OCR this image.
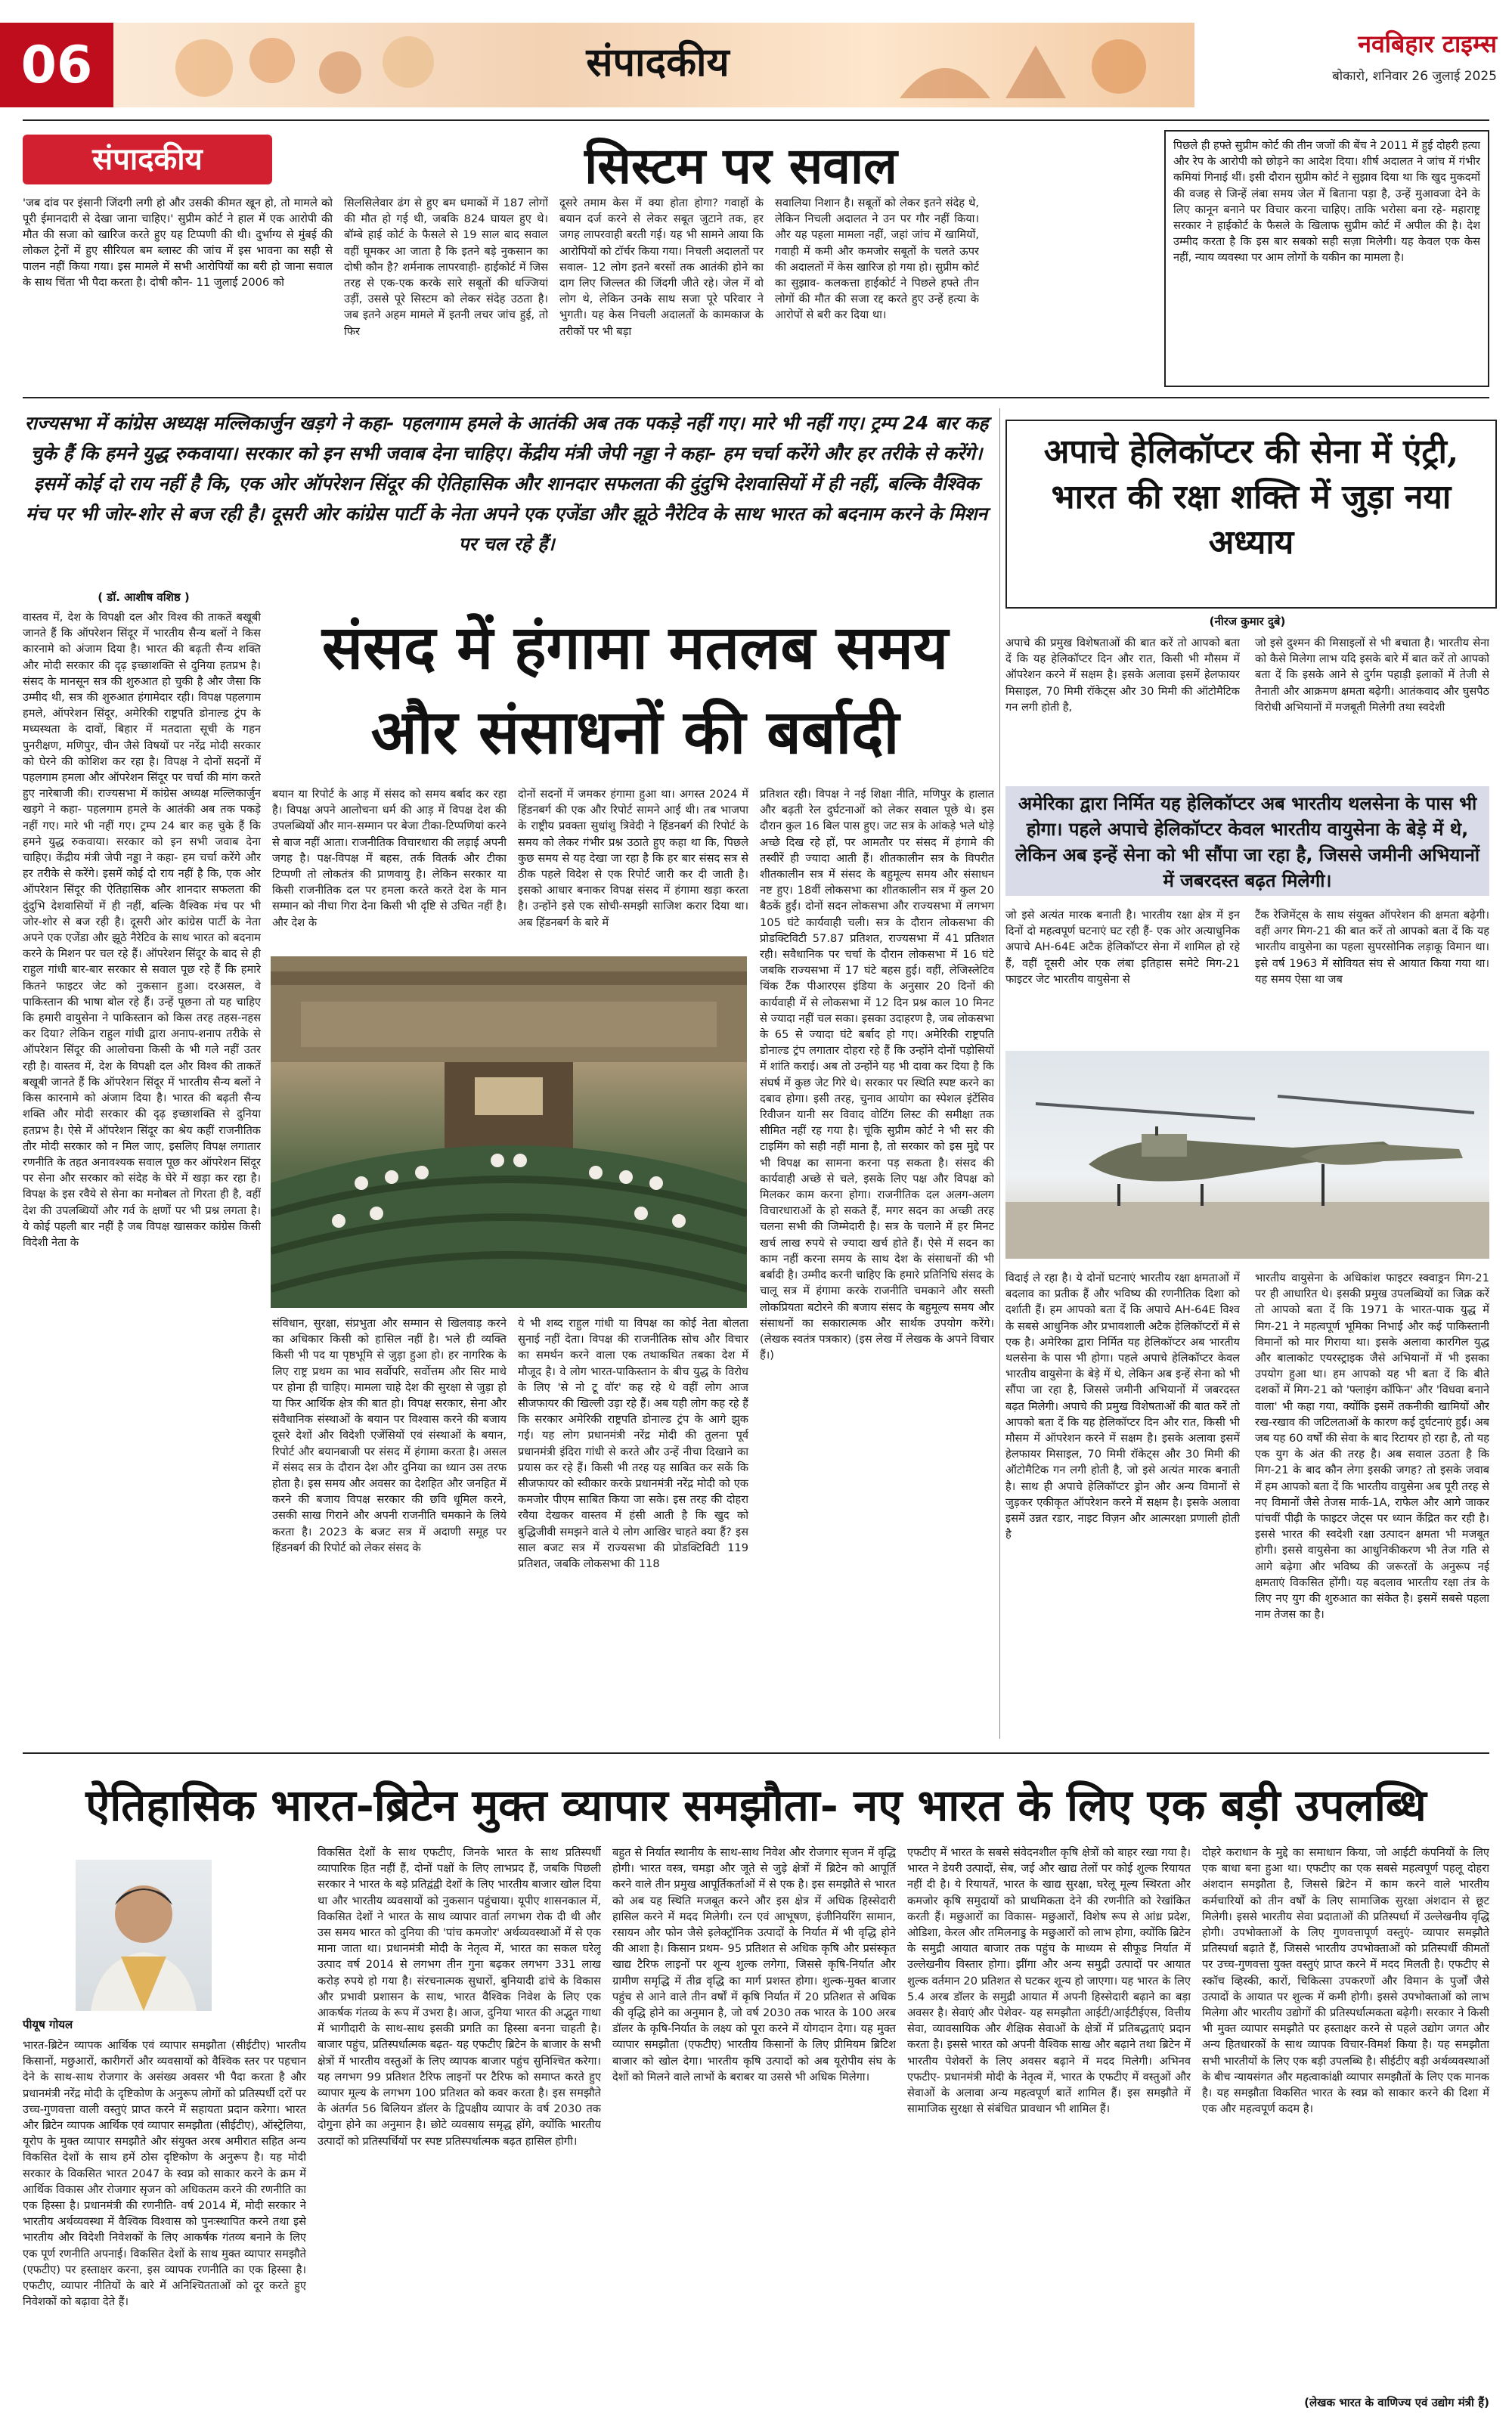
06	संपादकीय	नवबिहार टाइम्स
बोकारो, शनिवार 26 जुलाई 2025
संपादकीय	सिस्टम पर सवाल
'जब दांव पर इंसानी जिंदगी लगी हो और उसकी कीमत खून हो, तो मामले को पूरी ईमानदारी से देखा जाना चाहिए।' सुप्रीम कोर्ट ने हाल में एक आरोपी की मौत की सजा को खारिज करते हुए यह टिप्पणी की थी। दुर्भाग्य से मुंबई की लोकल ट्रेनों में हुए सीरियल बम ब्लास्ट की जांच में इस भावना का सही से पालन नहीं किया गया। इस मामले में सभी आरोपियों का बरी हो जाना सवाल के साथ चिंता भी पैदा करता है। दोषी कौन- 11 जुलाई 2006 को
सिलसिलेवार ढंग से हुए बम धमाकों में 187 लोगों की मौत हो गई थी, जबकि 824 घायल हुए थे। बॉम्बे हाई कोर्ट के फैसले से 19 साल बाद सवाल वहीं घूमकर आ जाता है कि इतने बड़े नुकसान का दोषी कौन है? शर्मनाक लापरवाही- हाईकोर्ट में जिस तरह से एक-एक करके सारे सबूतों की धज्जियां उड़ीं, उससे पूरे सिस्टम को लेकर संदेह उठता है। जब इतने अहम मामले में इतनी लचर जांच हुई, तो फिर
दूसरे तमाम केस में क्या होता होगा? गवाहों के बयान दर्ज करने से लेकर सबूत जुटाने तक, हर जगह लापरवाही बरती गई। यह भी सामने आया कि आरोपियों को टॉर्चर किया गया। निचली अदालतों पर सवाल- 12 लोग इतने बरसों तक आतंकी होने का दाग लिए जिल्लत की जिंदगी जीते रहे। जेल में वो लोग थे, लेकिन उनके साथ सजा पूरे परिवार ने भुगती। यह केस निचली अदालतों के कामकाज के तरीकों पर भी बड़ा
सवालिया निशान है। सबूतों को लेकर इतने संदेह थे, लेकिन निचली अदालत ने उन पर गौर नहीं किया। और यह पहला मामला नहीं, जहां जांच में खामियों, गवाही में कमी और कमजोर सबूतों के चलते ऊपर की अदालतों में केस खारिज हो गया हो। सुप्रीम कोर्ट का सुझाव- कलकत्ता हाईकोर्ट ने पिछले हफ्ते तीन लोगों की मौत की सजा रद्द करते हुए उन्हें हत्या के आरोपों से बरी कर दिया था।
पिछले ही हफ्ते सुप्रीम कोर्ट की तीन जजों की बेंच ने 2011 में हुई दोहरी हत्या और रेप के आरोपी को छोड़ने का आदेश दिया। शीर्ष अदालत ने जांच में गंभीर कमियां गिनाई थीं। इसी दौरान सुप्रीम कोर्ट ने सुझाव दिया था कि खुद मुकदमों की वजह से जिन्हें लंबा समय जेल में बिताना पड़ा है, उन्हें मुआवजा देने के लिए कानून बनाने पर विचार करना चाहिए। ताकि भरोसा बना रहे- महाराष्ट्र सरकार ने हाईकोर्ट के फैसले के खिलाफ सुप्रीम कोर्ट में अपील की है। देश उम्मीद करता है कि इस बार सबको सही सज़ा मिलेगी। यह केवल एक केस नहीं, न्याय व्यवस्था पर आम लोगों के यकीन का मामला है।
राज्यसभा में कांग्रेस अध्यक्ष मल्लिकार्जुन खड़गे ने कहा- पहलगाम हमले के आतंकी अब तक पकड़े नहीं गए। मारे भी नहीं गए। ट्रम्प 24 बार कह चुके हैं कि हमने युद्ध रुकवाया। सरकार को इन सभी जवाब देना चाहिए। केंद्रीय मंत्री जेपी नड्डा ने कहा- हम चर्चा करेंगे और हर तरीके से करेंगे। इसमें कोई दो राय नहीं है कि, एक ओर ऑपरेशन सिंदूर की ऐतिहासिक और शानदार सफलता की दुंदुभि देशवासियों में ही नहीं, बल्कि वैश्विक मंच पर भी जोर-शोर से बज रही है। दूसरी ओर कांग्रेस पार्टी के नेता अपने एक एजेंडा और झूठे नैरेटिव के साथ भारत को बदनाम करने के मिशन पर चल रहे हैं।
( डॉ. आशीष वशिष्ठ )
संसद में हंगामा मतलब समय और संसाधनों की बर्बादी
वास्तव में, देश के विपक्षी दल और विश्व की ताकतें बखूबी जानते हैं कि ऑपरेशन सिंदूर में भारतीय सैन्य बलों ने किस कारनामे को अंजाम दिया है। भारत की बढ़ती सैन्य शक्ति और मोदी सरकार की दृढ़ इच्छाशक्ति से दुनिया हतप्रभ है। संसद के मानसून सत्र की शुरुआत हो चुकी है और जैसा कि उम्मीद थी, सत्र की शुरुआत हंगामेदार रही। विपक्ष पहलगाम हमले, ऑपरेशन सिंदूर, अमेरिकी राष्ट्रपति डोनाल्ड ट्रंप के मध्यस्थता के दावों, बिहार में मतदाता सूची के गहन पुनरीक्षण, मणिपुर, चीन जैसे विषयों पर नरेंद्र मोदी सरकार को घेरने की कोशिश कर रहा है। विपक्ष ने दोनों सदनों में पहलगाम हमला और ऑपरेशन सिंदूर पर चर्चा की मांग करते हुए नारेबाजी की। राज्यसभा में कांग्रेस अध्यक्ष मल्लिकार्जुन खड़गे ने कहा- पहलगाम हमले के आतंकी अब तक पकड़े नहीं गए। मारे भी नहीं गए। ट्रम्प 24 बार कह चुके हैं कि हमने युद्ध रुकवाया। सरकार को इन सभी जवाब देना चाहिए। केंद्रीय मंत्री जेपी नड्डा ने कहा- हम चर्चा करेंगे और हर तरीके से करेंगे। इसमें कोई दो राय नहीं है कि, एक ओर ऑपरेशन सिंदूर की ऐतिहासिक और शानदार सफलता की दुंदुभि देशवासियों में ही नहीं, बल्कि वैश्विक मंच पर भी जोर-शोर से बज रही है। दूसरी ओर कांग्रेस पार्टी के नेता अपने एक एजेंडा और झूठे नैरेटिव के साथ भारत को बदनाम करने के मिशन पर चल रहे हैं। ऑपरेशन सिंदूर के बाद से ही राहुल गांधी बार-बार सरकार से सवाल पूछ रहे हैं कि हमारे कितने फाइटर जेट को नुकसान हुआ। दरअसल, वे पाकिस्तान की भाषा बोल रहे हैं। उन्हें पूछना तो यह चाहिए कि हमारी वायुसेना ने पाकिस्तान को किस तरह तहस-नहस कर दिया? लेकिन राहुल गांधी द्वारा अनाप-शनाप तरीके से ऑपरेशन सिंदूर की आलोचना किसी के भी गले नहीं उतर रही है। वास्तव में, देश के विपक्षी दल और विश्व की ताकतें बखूबी जानते हैं कि ऑपरेशन सिंदूर में भारतीय सैन्य बलों ने किस कारनामे को अंजाम दिया है। भारत की बढ़ती सैन्य शक्ति और मोदी सरकार की दृढ़ इच्छाशक्ति से दुनिया हतप्रभ है। ऐसे में ऑपरेशन सिंदूर का श्रेय कहीं राजनीतिक तौर मोदी सरकार को न मिल जाए, इसलिए विपक्ष लगातार रणनीति के तहत अनावश्यक सवाल पूछ कर ऑपरेशन सिंदूर पर सेना और सरकार को संदेह के घेरे में खड़ा कर रहा है। विपक्ष के इस रवैये से सेना का मनोबल तो गिरता ही है, वहीं देश की उपलब्धियों और गर्व के क्षणों पर भी प्रश्न लगता है। ये कोई पहली बार नहीं है जब विपक्ष खासकर कांग्रेस किसी विदेशी नेता के
बयान या रिपोर्ट के आड़ में संसद को समय बर्बाद कर रहा है। विपक्ष अपने आलोचना धर्म की आड़ में विपक्ष देश की उपलब्धियों और मान-सम्मान पर बेजा टीका-टिप्पणियां करने से बाज नहीं आता। राजनीतिक विचारधारा की लड़ाई अपनी जगह है। पक्ष-विपक्ष में बहस, तर्क वितर्क और टीका टिप्पणी तो लोकतंत्र की प्राणवायु है। लेकिन सरकार या किसी राजनीतिक दल पर हमला करते करते देश के मान सम्मान को नीचा गिरा देना किसी भी दृष्टि से उचित नहीं है। और देश के
दोनों सदनों में जमकर हंगामा हुआ था। अगस्त 2024 में हिंडनबर्ग की एक और रिपोर्ट सामने आई थी। तब भाजपा के राष्ट्रीय प्रवक्ता सुधांशु त्रिवेदी ने हिंडनबर्ग की रिपोर्ट के समय को लेकर गंभीर प्रश्न उठाते हुए कहा था कि, पिछले कुछ समय से यह देखा जा रहा है कि हर बार संसद सत्र से ठीक पहले विदेश से एक रिपोर्ट जारी कर दी जाती है। इसको आधार बनाकर विपक्ष संसद में हंगामा खड़ा करता है। उन्होंने इसे एक सोची-समझी साजिश करार दिया था। अब हिंडनबर्ग के बारे में
संविधान, सुरक्षा, संप्रभुता और सम्मान से खिलवाड़ करने का अधिकार किसी को हासिल नहीं है। भले ही व्यक्ति किसी भी पद या पृष्ठभूमि से जुड़ा हुआ हो। हर नागरिक के लिए राष्ट्र प्रथम का भाव सर्वोपरि, सर्वोत्तम और सिर माथे पर होना ही चाहिए। मामला चाहे देश की सुरक्षा से जुड़ा हो या फिर आर्थिक क्षेत्र की बात हो। विपक्ष सरकार, सेना और संवैधानिक संस्थाओं के बयान पर विश्वास करने की बजाय दूसरे देशों और विदेशी एजेंसियों एवं संस्थाओं के बयान, रिपोर्ट और बयानबाजी पर संसद में हंगामा करता है। असल में संसद सत्र के दौरान देश और दुनिया का ध्यान उस तरफ होता है। इस समय और अवसर का देशहित और जनहित में करने की बजाय विपक्ष सरकार की छवि धूमिल करने, उसकी साख गिराने और अपनी राजनीति चमकाने के लिये करता है। 2023 के बजट सत्र में अदाणी समूह पर हिंडनबर्ग की रिपोर्ट को लेकर संसद के
ये भी शब्द राहुल गांधी या विपक्ष का कोई नेता बोलता सुनाई नहीं देता। विपक्ष की राजनीतिक सोच और विचार का समर्थन करने वाला एक तथाकथित तबका देश में मौजूद है। वे लोग भारत-पाकिस्तान के बीच युद्ध के विरोध के लिए 'से नो टू वॉर' कह रहे थे वहीं लोग आज सीजफायर की खिल्ली उड़ा रहे हैं। अब यही लोग कह रहे हैं कि सरकार अमेरिकी राष्ट्रपति डोनाल्ड ट्रंप के आगे झुक गई। यह लोग प्रधानमंत्री नरेंद्र मोदी की तुलना पूर्व प्रधानमंत्री इंदिरा गांधी से करते और उन्हें नीचा दिखाने का प्रयास कर रहे हैं। किसी भी तरह यह साबित कर सकें कि सीजफायर को स्वीकार करके प्रधानमंत्री नरेंद्र मोदी को एक कमजोर पीएम साबित किया जा सके। इस तरह की दोहरा रवैया देखकर वास्तव में हंसी आती है कि खुद को बुद्धिजीवी समझने वाले ये लोग आखिर चाहते क्या हैं? इस साल बजट सत्र में राज्यसभा की प्रोडक्टिविटी 119 प्रतिशत, जबकि लोकसभा की 118
प्रतिशत रही। विपक्ष ने नई शिक्षा नीति, मणिपुर के हालात और बढ़ती रेल दुर्घटनाओं को लेकर सवाल पूछे थे। इस दौरान कुल 16 बिल पास हुए। जट सत्र के आंकड़े भले थोड़े अच्छे दिख रहे हों, पर आमतौर पर संसद में हंगामे की तस्वीरें ही ज्यादा आती हैं। शीतकालीन सत्र के विपरीत शीतकालीन सत्र में संसद के बहुमूल्य समय और संसाधन नष्ट हुए। 18वीं लोकसभा का शीतकालीन सत्र में कुल 20 बैठकें हुईं। दोनों सदन लोकसभा और राज्यसभा में लगभग 105 घंटे कार्यवाही चली। सत्र के दौरान लोकसभा की प्रोडक्टिविटी 57.87 प्रतिशत, राज्यसभा में 41 प्रतिशत रही। सवैधानिक पर चर्चा के दौरान लोकसभा में 16 घंटे जबकि राज्यसभा में 17 घंटे बहस हुई। वहीं, लेजिस्लेटिव थिंक टैंक पीआरएस इंडिया के अनुसार 20 दिनों की कार्यवाही में से लोकसभा में 12 दिन प्रश्न काल 10 मिनट से ज्यादा नहीं चल सका। इसका उदाहरण है, जब लोकसभा के 65 से ज्यादा घंटे बर्बाद हो गए। अमेरिकी राष्ट्रपति डोनाल्ड ट्रंप लगातार दोहरा रहे हैं कि उन्होंने दोनों पड़ोसियों में शांति कराई। अब तो उन्होंने यह भी दावा कर दिया है कि संघर्ष में कुछ जेट गिरे थे। सरकार पर स्थिति स्पष्ट करने का दबाव होगा। इसी तरह, चुनाव आयोग का स्पेशल इंटेंसिव रिवीजन यानी सर विवाद वोटिंग लिस्ट की समीक्षा तक सीमित नहीं रह गया है। चूंकि सुप्रीम कोर्ट ने भी सर की टाइमिंग को सही नहीं माना है, तो सरकार को इस मुद्दे पर भी विपक्ष का सामना करना पड़ सकता है। संसद की कार्यवाही अच्छे से चले, इसके लिए पक्ष और विपक्ष को मिलकर काम करना होगा। राजनीतिक दल अलग-अलग विचारधाराओं के हो सकते हैं, मगर सदन का अच्छी तरह चलना सभी की जिम्मेदारी है। सत्र के चलाने में हर मिनट खर्च लाख रुपये से ज्यादा खर्च होते हैं। ऐसे में सदन का काम नहीं करना समय के साथ देश के संसाधनों की भी बर्बादी है। उम्मीद करनी चाहिए कि हमारे प्रतिनिधि संसद के चालू सत्र में हंगामा करके राजनीति चमकाने और सस्ती लोकप्रियता बटोरने की बजाय संसद के बहुमूल्य समय और संसाधनों का सकारात्मक और सार्थक उपयोग करेंगे। (लेखक स्वतंत्र पत्रकार) (इस लेख में लेखक के अपने विचार हैं।)
अपाचे हेलिकॉप्टर की सेना में एंट्री, भारत की रक्षा शक्ति में जुड़ा नया अध्याय
(नीरज कुमार दुबे)
अपाचे की प्रमुख विशेषताओं की बात करें तो आपको बता दें कि यह हेलिकॉप्टर दिन और रात, किसी भी मौसम में ऑपरेशन करने में सक्षम है। इसके अलावा इसमें हेलफायर मिसाइल, 70 मिमी रॉकेट्स और 30 मिमी की ऑटोमैटिक गन लगी होती है,
जो इसे दुश्मन की मिसाइलों से भी बचाता है। भारतीय सेना को कैसे मिलेगा लाभ यदि इसके बारे में बात करें तो आपको बता दें कि इसके आने से दुर्गम पहाड़ी इलाकों में तेजी से तैनाती और आक्रमण क्षमता बढ़ेगी। आतंकवाद और घुसपैठ विरोधी अभियानों में मजबूती मिलेगी तथा स्वदेशी
अमेरिका द्वारा निर्मित यह हेलिकॉप्टर अब भारतीय थलसेना के पास भी होगा। पहले अपाचे हेलिकॉप्टर केवल भारतीय वायुसेना के बेड़े में थे, लेकिन अब इन्हें सेना को भी सौंपा जा रहा है, जिससे जमीनी अभियानों में जबरदस्त बढ़त मिलेगी।
जो इसे अत्यंत मारक बनाती है। भारतीय रक्षा क्षेत्र में इन दिनों दो महत्वपूर्ण घटनाएं घट रही हैं- एक ओर अत्याधुनिक अपाचे AH-64E अटैक हेलिकॉप्टर सेना में शामिल हो रहे हैं, वहीं दूसरी ओर एक लंबा इतिहास समेटे मिग-21 फाइटर जेट भारतीय वायुसेना से
टैंक रेजिमेंट्स के साथ संयुक्त ऑपरेशन की क्षमता बढ़ेगी। वहीं अगर मिग-21 की बात करें तो आपको बता दें कि यह भारतीय वायुसेना का पहला सुपरसोनिक लड़ाकू विमान था। इसे वर्ष 1963 में सोवियत संघ से आयात किया गया था। यह समय ऐसा था जब
विदाई ले रहा है। ये दोनों घटनाएं भारतीय रक्षा क्षमताओं में बदलाव का प्रतीक हैं और भविष्य की रणनीतिक दिशा को दर्शाती हैं। हम आपको बता दें कि अपाचे AH-64E विश्व के सबसे आधुनिक और प्रभावशाली अटैक हेलिकॉप्टरों में से एक है। अमेरिका द्वारा निर्मित यह हेलिकॉप्टर अब भारतीय थलसेना के पास भी होगा। पहले अपाचे हेलिकॉप्टर केवल भारतीय वायुसेना के बेड़े में थे, लेकिन अब इन्हें सेना को भी सौंपा जा रहा है, जिससे जमीनी अभियानों में जबरदस्त बढ़त मिलेगी। अपाचे की प्रमुख विशेषताओं की बात करें तो आपको बता दें कि यह हेलिकॉप्टर दिन और रात, किसी भी मौसम में ऑपरेशन करने में सक्षम है। इसके अलावा इसमें हेलफायर मिसाइल, 70 मिमी रॉकेट्स और 30 मिमी की ऑटोमैटिक गन लगी होती है, जो इसे अत्यंत मारक बनाती है। साथ ही अपाचे हेलिकॉप्टर ड्रोन और अन्य विमानों से जुड़कर एकीकृत ऑपरेशन करने में सक्षम है। इसके अलावा इसमें उन्नत रडार, नाइट विज़न और आत्मरक्षा प्रणाली होती है
भारतीय वायुसेना के अधिकांश फाइटर स्क्वाड्रन मिग-21 पर ही आधारित थे। इसकी प्रमुख उपलब्धियों का जिक्र करें तो आपको बता दें कि 1971 के भारत-पाक युद्ध में मिग-21 ने महत्वपूर्ण भूमिका निभाई और कई पाकिस्तानी विमानों को मार गिराया था। इसके अलावा कारगिल युद्ध और बालाकोट एयरस्ट्राइक जैसे अभियानों में भी इसका उपयोग हुआ था। हम आपको यह भी बता दें कि बीते दशकों में मिग-21 को 'फ्लाइंग कॉफिन' और 'विधवा बनाने वाला' भी कहा गया, क्योंकि इसमें तकनीकी खामियों और रख-रखाव की जटिलताओं के कारण कई दुर्घटनाएं हुईं। अब जब यह 60 वर्षों की सेवा के बाद रिटायर हो रहा है, तो यह एक युग के अंत की तरह है। अब सवाल उठता है कि मिग-21 के बाद कौन लेगा इसकी जगह? तो इसके जवाब में हम आपको बता दें कि भारतीय वायुसेना अब पूरी तरह से नए विमानों जैसे तेजस मार्क-1A, राफेल और आगे जाकर पांचवीं पीढ़ी के फाइटर जेट्स पर ध्यान केंद्रित कर रही है। इससे भारत की स्वदेशी रक्षा उत्पादन क्षमता भी मजबूत होगी। इससे वायुसेना का आधुनिकीकरण भी तेज गति से आगे बढ़ेगा और भविष्य की जरूरतों के अनुरूप नई क्षमताएं विकसित होंगी। यह बदलाव भारतीय रक्षा तंत्र के लिए नए युग की शुरुआत का संकेत है। इसमें सबसे पहला नाम तेजस का है।
ऐतिहासिक भारत-ब्रिटेन मुक्त व्यापार समझौता- नए भारत के लिए एक बड़ी उपलब्धि
पीयूष गोयल
भारत-ब्रिटेन व्यापक आर्थिक एवं व्यापार समझौता (सीईटीए) भारतीय किसानों, मछुआरों, कारीगरों और व्यवसायों को वैश्विक स्तर पर पहचान देने के साथ-साथ रोजगार के असंख्य अवसर भी पैदा करता है और प्रधानमंत्री नरेंद्र मोदी के दृष्टिकोण के अनुरूप लोगों को प्रतिस्पर्धी दरों पर उच्च-गुणवत्ता वाली वस्तुएं प्राप्त करने में सहायता प्रदान करेगा। भारत और ब्रिटेन व्यापक आर्थिक एवं व्यापार समझौता (सीईटीए), ऑस्ट्रेलिया, यूरोप के मुक्त व्यापार समझौते और संयुक्त अरब अमीरात सहित अन्य विकसित देशों के साथ हमें ठोस दृष्टिकोण के अनुरूप है। यह मोदी सरकार के विकसित भारत 2047 के स्वप्न को साकार करने के क्रम में आर्थिक विकास और रोजगार सृजन को अधिकतम करने की रणनीति का एक हिस्सा है। प्रधानमंत्री की रणनीति- वर्ष 2014 में, मोदी सरकार ने भारतीय अर्थव्यवस्था में वैश्विक विश्वास को पुनःस्थापित करने तथा इसे भारतीय और विदेशी निवेशकों के लिए आकर्षक गंतव्य बनाने के लिए एक पूर्ण रणनीति अपनाई। विकसित देशों के साथ मुक्त व्यापार समझौते (एफटीए) पर हस्ताक्षर करना, इस व्यापक रणनीति का एक हिस्सा है। एफटीए, व्यापार नीतियों के बारे में अनिश्चितताओं को दूर करते हुए निवेशकों को बढ़ावा देते हैं।
विकसित देशों के साथ एफटीए, जिनके भारत के साथ प्रतिस्पर्धी व्यापारिक हित नहीं हैं, दोनों पक्षों के लिए लाभप्रद हैं, जबकि पिछली सरकार ने भारत के बड़े प्रतिद्वंद्वी देशों के लिए भारतीय बाजार खोल दिया था और भारतीय व्यवसायों को नुकसान पहुंचाया। यूपीए शासनकाल में, विकसित देशों ने भारत के साथ व्यापार वार्ता लगभग रोक दी थी और उस समय भारत को दुनिया की 'पांच कमजोर' अर्थव्यवस्थाओं में से एक माना जाता था। प्रधानमंत्री मोदी के नेतृत्व में, भारत का सकल घरेलू उत्पाद वर्ष 2014 से लगभग तीन गुना बढ़कर लगभग 331 लाख करोड़ रुपये हो गया है। संरचनात्मक सुधारों, बुनियादी ढांचे के विकास और प्रभावी प्रशासन के साथ, भारत वैश्विक निवेश के लिए एक आकर्षक गंतव्य के रूप में उभरा है। आज, दुनिया भारत की अद्भुत गाथा में भागीदारी के साथ-साथ इसकी प्रगति का हिस्सा बनना चाहती है। बाजार पहुंच, प्रतिस्पर्धात्मक बढ़त- यह एफटीए ब्रिटेन के बाजार के सभी क्षेत्रों में भारतीय वस्तुओं के लिए व्यापक बाजार पहुंच सुनिश्चित करेगा। यह लगभग 99 प्रतिशत टैरिफ लाइनों पर टैरिफ को समाप्त करते हुए व्यापार मूल्य के लगभग 100 प्रतिशत को कवर करता है। इस समझौते के अंतर्गत 56 बिलियन डॉलर के द्विपक्षीय व्यापार के वर्ष 2030 तक दोगुना होने का अनुमान है। छोटे व्यवसाय समृद्ध होंगे, क्योंकि भारतीय उत्पादों को प्रतिस्पर्धियों पर स्पष्ट प्रतिस्पर्धात्मक बढ़त हासिल होगी।
बहुत से निर्यात स्थानीय के साथ-साथ निवेश और रोजगार सृजन में वृद्धि होगी। भारत वस्त्र, चमड़ा और जूते से जुड़े क्षेत्रों में ब्रिटेन को आपूर्ति करने वाले तीन प्रमुख आपूर्तिकर्ताओं में से एक है। इस समझौते से भारत को अब यह स्थिति मजबूत करने और इस क्षेत्र में अधिक हिस्सेदारी हासिल करने में मदद मिलेगी। रत्न एवं आभूषण, इंजीनियरिंग सामान, रसायन और फोन जैसे इलेक्ट्रॉनिक उत्पादों के निर्यात में भी वृद्धि होने की आशा है। किसान प्रथम- 95 प्रतिशत से अधिक कृषि और प्रसंस्कृत खाद्य टैरिफ लाइनों पर शून्य शुल्क लगेगा, जिससे कृषि-निर्यात और ग्रामीण समृद्धि में तीव्र वृद्धि का मार्ग प्रशस्त होगा। शुल्क-मुक्त बाजार पहुंच से आने वाले तीन वर्षों में कृषि निर्यात में 20 प्रतिशत से अधिक की वृद्धि होने का अनुमान है, जो वर्ष 2030 तक भारत के 100 अरब डॉलर के कृषि-निर्यात के लक्ष्य को पूरा करने में योगदान देगा। यह मुक्त व्यापार समझौता (एफटीए) भारतीय किसानों के लिए प्रीमियम ब्रिटिश बाजार को खोल देगा। भारतीय कृषि उत्पादों को अब यूरोपीय संघ के देशों को मिलने वाले लाभों के बराबर या उससे भी अधिक मिलेगा।
एफटीए में भारत के सबसे संवेदनशील कृषि क्षेत्रों को बाहर रखा गया है। भारत ने डेयरी उत्पादों, सेब, जई और खाद्य तेलों पर कोई शुल्क रियायत नहीं दी है। ये रियायतें, भारत के खाद्य सुरक्षा, घरेलू मूल्य स्थिरता और कमजोर कृषि समुदायों को प्राथमिकता देने की रणनीति को रेखांकित करती हैं। मछुआरों का विकास- मछुआरों, विशेष रूप से आंध्र प्रदेश, ओडिशा, केरल और तमिलनाडु के मछुआरों को लाभ होगा, क्योंकि ब्रिटेन के समुद्री आयात बाजार तक पहुंच के माध्यम से सीफूड निर्यात में उल्लेखनीय विस्तार होगा। झींगा और अन्य समुद्री उत्पादों पर आयात शुल्क वर्तमान 20 प्रतिशत से घटकर शून्य हो जाएगा। यह भारत के लिए 5.4 अरब डॉलर के समुद्री आयात में अपनी हिस्सेदारी बढ़ाने का बड़ा अवसर है। सेवाएं और पेशेवर- यह समझौता आईटी/आईटीईएस, वित्तीय सेवा, व्यावसायिक और शैक्षिक सेवाओं के क्षेत्रों में प्रतिबद्धताएं प्रदान करता है। इससे भारत को अपनी वैश्विक साख और बढ़ाने तथा ब्रिटेन में भारतीय पेशेवरों के लिए अवसर बढ़ाने में मदद मिलेगी। अभिनव एफटीए- प्रधानमंत्री मोदी के नेतृत्व में, भारत के एफटीए में वस्तुओं और सेवाओं के अलावा अन्य महत्वपूर्ण बातें शामिल हैं। इस समझौते में सामाजिक सुरक्षा से संबंधित प्रावधान भी शामिल हैं।
दोहरे कराधान के मुद्दे का समाधान किया, जो आईटी कंपनियों के लिए एक बाधा बना हुआ था। एफटीए का एक सबसे महत्वपूर्ण पहलू दोहरा अंशदान समझौता है, जिससे ब्रिटेन में काम करने वाले भारतीय कर्मचारियों को तीन वर्षों के लिए सामाजिक सुरक्षा अंशदान से छूट मिलेगी। इससे भारतीय सेवा प्रदाताओं की प्रतिस्पर्धा में उल्लेखनीय वृद्धि होगी। उपभोक्ताओं के लिए गुणवत्तापूर्ण वस्तुएं- व्यापार समझौते प्रतिस्पर्धा बढ़ाते हैं, जिससे भारतीय उपभोक्ताओं को प्रतिस्पर्धी कीमतों पर उच्च-गुणवत्ता युक्त वस्तुएं प्राप्त करने में मदद मिलती है। एफटीए से स्कॉच व्हिस्की, कारों, चिकित्सा उपकरणों और विमान के पुर्जों जैसे उत्पादों के आयात पर शुल्क में कमी होगी। इससे उपभोक्ताओं को लाभ मिलेगा और भारतीय उद्योगों की प्रतिस्पर्धात्मकता बढ़ेगी। सरकार ने किसी भी मुक्त व्यापार समझौते पर हस्ताक्षर करने से पहले उद्योग जगत और अन्य हितधारकों के साथ व्यापक विचार-विमर्श किया है। यह समझौता सभी भारतीयों के लिए एक बड़ी उपलब्धि है। सीईटीए बड़ी अर्थव्यवस्थाओं के बीच न्यायसंगत और महत्वाकांक्षी व्यापार समझौतों के लिए एक मानक है। यह समझौता विकसित भारत के स्वप्न को साकार करने की दिशा में एक और महत्वपूर्ण कदम है।
(लेखक भारत के वाणिज्य एवं उद्योग मंत्री हैं)
